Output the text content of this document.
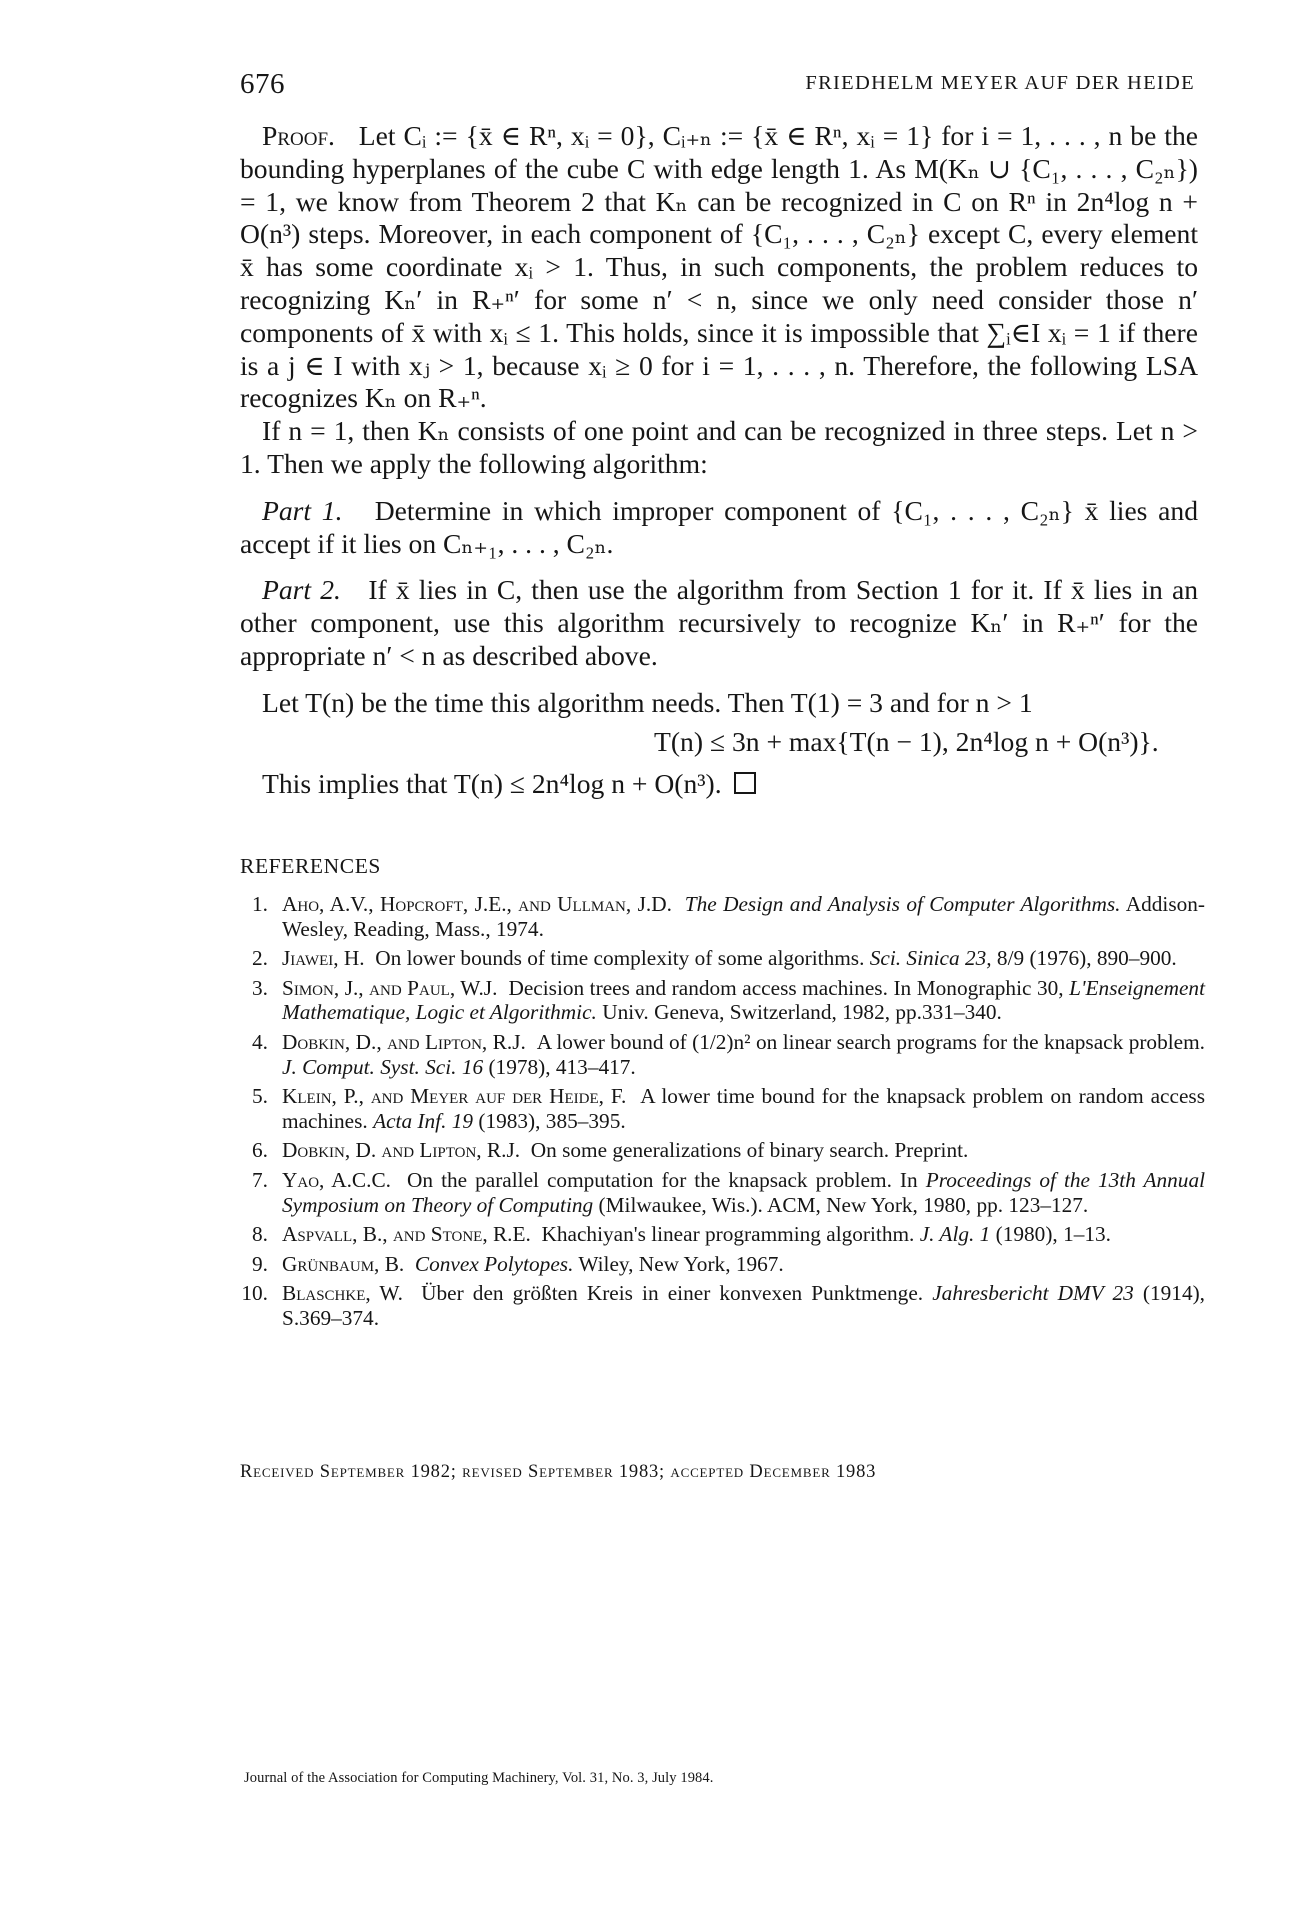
676	FRIEDHELM MEYER AUF DER HEIDE

Proof. Let Cᵢ := {x̄ ∈ Rⁿ, xᵢ = 0}, Cᵢ₊ₙ := {x̄ ∈ Rⁿ, xᵢ = 1} for i = 1, . . . , n be the bounding hyperplanes of the cube C with edge length 1. As M(Kₙ ∪ {C₁, . . . , C₂ₙ}) = 1, we know from Theorem 2 that Kₙ can be recognized in C on Rⁿ in 2n⁴log n + O(n³) steps. Moreover, in each component of {C₁, . . . , C₂ₙ} except C, every element x̄ has some coordinate xᵢ > 1. Thus, in such components, the problem reduces to recognizing Kₙ′ in R₊ⁿ′ for some n′ < n, since we only need consider those n′ components of x̄ with xᵢ ≤ 1. This holds, since it is impossible that ∑ᵢ∈I xᵢ = 1 if there is a j ∈ I with xⱼ > 1, because xᵢ ≥ 0 for i = 1, . . . , n. Therefore, the following LSA recognizes Kₙ on R₊ⁿ.

If n = 1, then Kₙ consists of one point and can be recognized in three steps. Let n > 1. Then we apply the following algorithm:

Part 1. Determine in which improper component of {C₁, . . . , C₂ₙ} x̄ lies and accept if it lies on Cₙ₊₁, . . . , C₂ₙ.

Part 2. If x̄ lies in C, then use the algorithm from Section 1 for it. If x̄ lies in an other component, use this algorithm recursively to recognize Kₙ′ in R₊ⁿ′ for the appropriate n′ < n as described above.

Let T(n) be the time this algorithm needs. Then T(1) = 3 and for n > 1

T(n) ≤ 3n + max{T(n − 1), 2n⁴log n + O(n³)}.

This implies that T(n) ≤ 2n⁴log n + O(n³).

REFERENCES
1. Aho, A.V., Hopcroft, J.E., and Ullman, J.D. The Design and Analysis of Computer Algorithms. Addison-Wesley, Reading, Mass., 1974.
2. Jiawei, H. On lower bounds of time complexity of some algorithms. Sci. Sinica 23, 8/9 (1976), 890–900.
3. Simon, J., and Paul, W.J. Decision trees and random access machines. In Monographic 30, L'Enseignement Mathematique, Logic et Algorithmic. Univ. Geneva, Switzerland, 1982, pp.331–340.
4. Dobkin, D., and Lipton, R.J. A lower bound of (1/2)n² on linear search programs for the knapsack problem. J. Comput. Syst. Sci. 16 (1978), 413–417.
5. Klein, P., and Meyer auf der Heide, F. A lower time bound for the knapsack problem on random access machines. Acta Inf. 19 (1983), 385–395.
6. Dobkin, D. and Lipton, R.J. On some generalizations of binary search. Preprint.
7. Yao, A.C.C. On the parallel computation for the knapsack problem. In Proceedings of the 13th Annual Symposium on Theory of Computing (Milwaukee, Wis.). ACM, New York, 1980, pp. 123–127.
8. Aspvall, B., and Stone, R.E. Khachiyan's linear programming algorithm. J. Alg. 1 (1980), 1–13.
9. Grünbaum, B. Convex Polytopes. Wiley, New York, 1967.
10. Blaschke, W. Über den größten Kreis in einer konvexen Punktmenge. Jahresbericht DMV 23 (1914), S.369–374.
Received September 1982; revised September 1983; accepted December 1983
Journal of the Association for Computing Machinery, Vol. 31, No. 3, July 1984.
